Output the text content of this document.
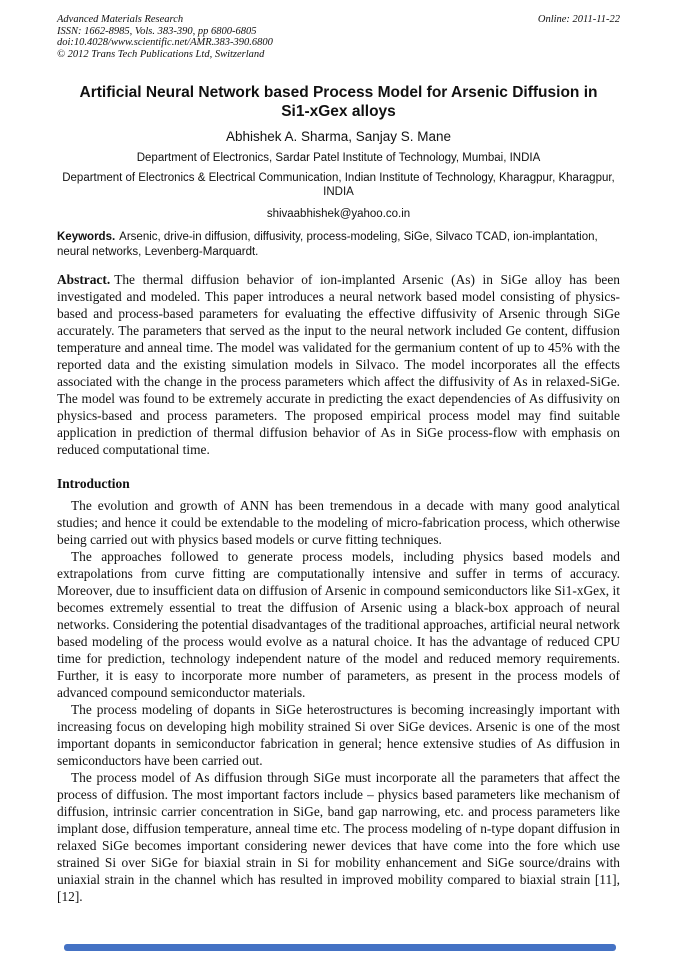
Advanced Materials Research
ISSN: 1662-8985, Vols. 383-390, pp 6800-6805
doi:10.4028/www.scientific.net/AMR.383-390.6800
© 2012 Trans Tech Publications Ltd, Switzerland
Online: 2011-11-22
Artificial Neural Network based Process Model for Arsenic Diffusion in
Si1-xGex alloys
Abhishek A. Sharma, Sanjay S. Mane
Department of Electronics, Sardar Patel Institute of Technology, Mumbai, INDIA
Department of Electronics & Electrical Communication, Indian Institute of Technology, Kharagpur, Kharagpur, INDIA
shivaabhishek@yahoo.co.in

Keywords. Arsenic, drive-in diffusion, diffusivity, process-modeling, SiGe, Silvaco TCAD, ion-implantation, neural networks, Levenberg-Marquardt.

Abstract. The thermal diffusion behavior of ion-implanted Arsenic (As) in SiGe alloy has been investigated and modeled. This paper introduces a neural network based model consisting of physics-based and process-based parameters for evaluating the effective diffusivity of Arsenic through SiGe accurately. The parameters that served as the input to the neural network included Ge content, diffusion temperature and anneal time. The model was validated for the germanium content of up to 45% with the reported data and the existing simulation models in Silvaco. The model incorporates all the effects associated with the change in the process parameters which affect the diffusivity of As in relaxed-SiGe. The model was found to be extremely accurate in predicting the exact dependencies of As diffusivity on physics-based and process parameters. The proposed empirical process model may find suitable application in prediction of thermal diffusion behavior of As in SiGe process-flow with emphasis on reduced computational time.

Introduction

The evolution and growth of ANN has been tremendous in a decade with many good analytical studies; and hence it could be extendable to the modeling of micro-fabrication process, which otherwise being carried out with physics based models or curve fitting techniques.

The approaches followed to generate process models, including physics based models and extrapolations from curve fitting are computationally intensive and suffer in terms of accuracy. Moreover, due to insufficient data on diffusion of Arsenic in compound semiconductors like Si1-xGex, it becomes extremely essential to treat the diffusion of Arsenic using a black-box approach of neural networks. Considering the potential disadvantages of the traditional approaches, artificial neural network based modeling of the process would evolve as a natural choice. It has the advantage of reduced CPU time for prediction, technology independent nature of the model and reduced memory requirements. Further, it is easy to incorporate more number of parameters, as present in the process models of advanced compound semiconductor materials.

The process modeling of dopants in SiGe heterostructures is becoming increasingly important with increasing focus on developing high mobility strained Si over SiGe devices. Arsenic is one of the most important dopants in semiconductor fabrication in general; hence extensive studies of As diffusion in semiconductors have been carried out.

The process model of As diffusion through SiGe must incorporate all the parameters that affect the process of diffusion. The most important factors include – physics based parameters like mechanism of diffusion, intrinsic carrier concentration in SiGe, band gap narrowing, etc. and process parameters like implant dose, diffusion temperature, anneal time etc. The process modeling of n-type dopant diffusion in relaxed SiGe becomes important considering newer devices that have come into the fore which use strained Si over SiGe for biaxial strain in Si for mobility enhancement and SiGe source/drains with uniaxial strain in the channel which has resulted in improved mobility compared to biaxial strain [11],[12].
